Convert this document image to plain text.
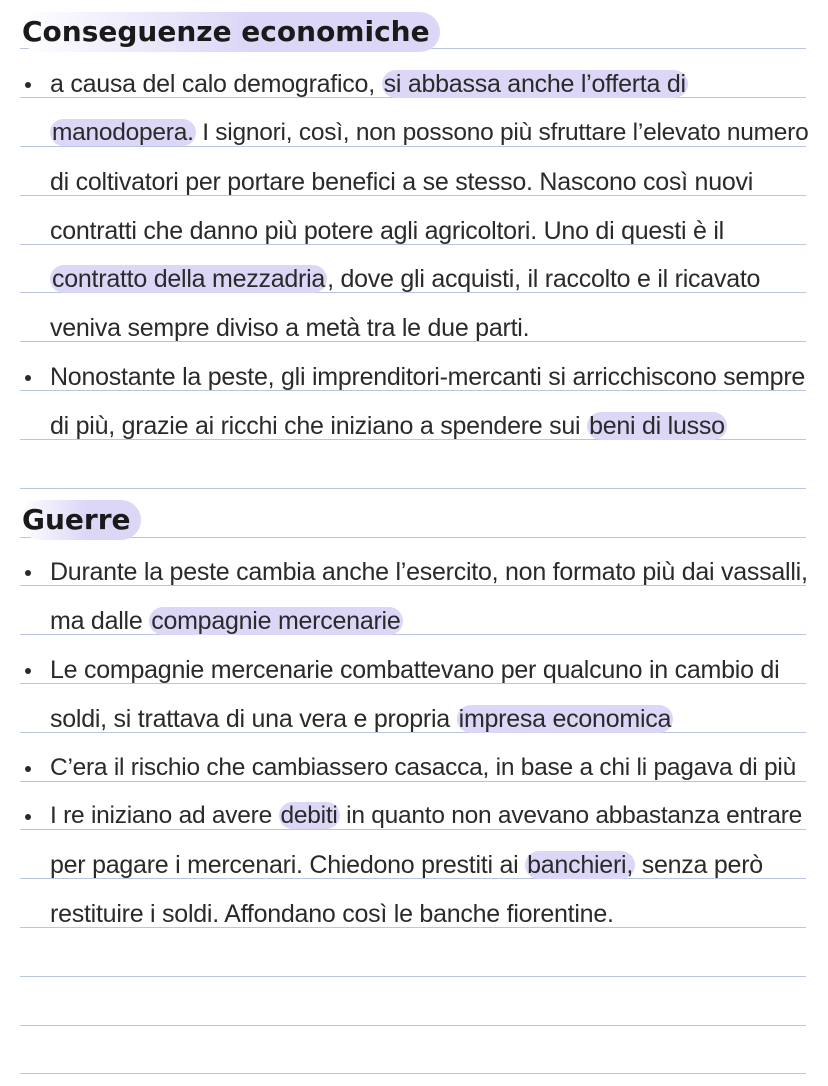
Conseguenze economiche
a causa del calo demografico, si abbassa anche l’offerta di
manodopera. I signori, così, non possono più sfruttare l’elevato numero
di coltivatori per portare benefici a se stesso. Nascono così nuovi
contratti che danno più potere agli agricoltori. Uno di questi è il
contratto della mezzadria, dove gli acquisti, il raccolto e il ricavato
veniva sempre diviso a metà tra le due parti.
Nonostante la peste, gli imprenditori-mercanti si arricchiscono sempre
di più, grazie ai ricchi che iniziano a spendere sui beni di lusso
Guerre
Durante la peste cambia anche l’esercito, non formato più dai vassalli,
ma dalle compagnie mercenarie
Le compagnie mercenarie combattevano per qualcuno in cambio di
soldi, si trattava di una vera e propria impresa economica
C’era il rischio che cambiassero casacca, in base a chi li pagava di più
I re iniziano ad avere debiti in quanto non avevano abbastanza entrare
per pagare i mercenari. Chiedono prestiti ai banchieri, senza però
restituire i soldi. Affondano così le banche fiorentine.
